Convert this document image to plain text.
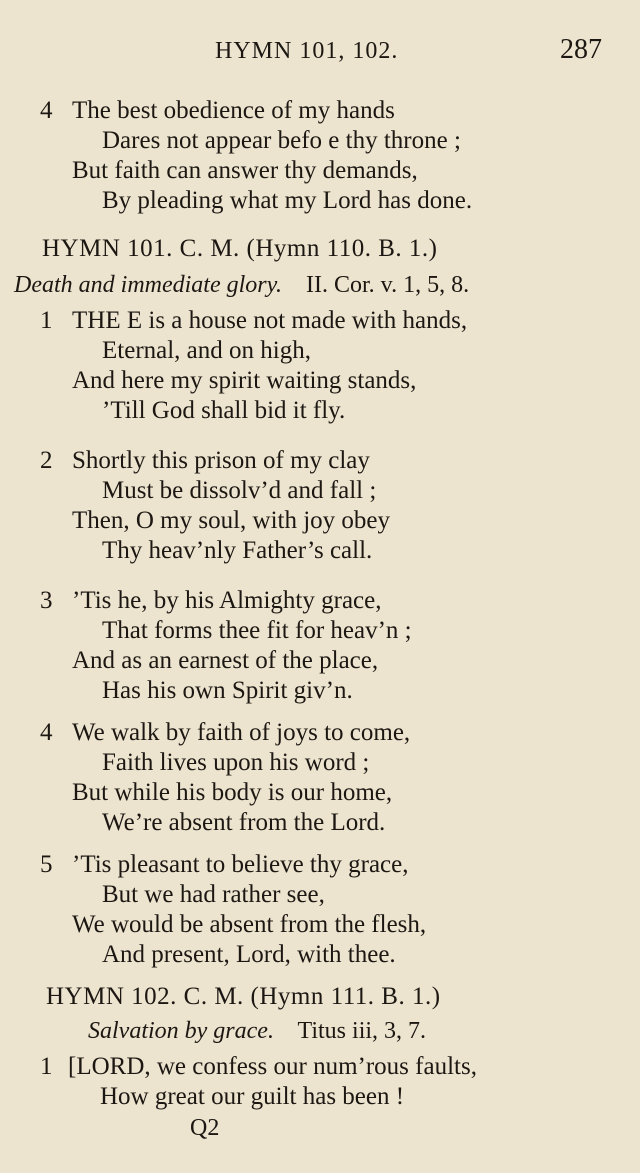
HYMN 101, 102.	287
4 The best obedience of my hands
Dares not appear befo e thy throne ;
But faith can answer thy demands,
By pleading what my Lord has done.
HYMN 101. C. M. (Hymn 110. B. 1.)
Death and immediate glory. II. Cor. v. 1, 5, 8.
1 THE E is a house not made with hands,
Eternal, and on high,
And here my spirit waiting stands,
’Till God shall bid it fly.
2 Shortly this prison of my clay
Must be dissolv’d and fall ;
Then, O my soul, with joy obey
Thy heav’nly Father’s call.
3 ’Tis he, by his Almighty grace,
That forms thee fit for heav’n ;
And as an earnest of the place,
Has his own Spirit giv’n.
4 We walk by faith of joys to come,
Faith lives upon his word ;
But while his body is our home,
We’re absent from the Lord.
5 ’Tis pleasant to believe thy grace,
But we had rather see,
We would be absent from the flesh,
And present, Lord, with thee.
HYMN 102. C. M. (Hymn 111. B. 1.)
Salvation by grace. Titus iii, 3, 7.
1 [LORD, we confess our num’rous faults,
How great our guilt has been !
Q2
